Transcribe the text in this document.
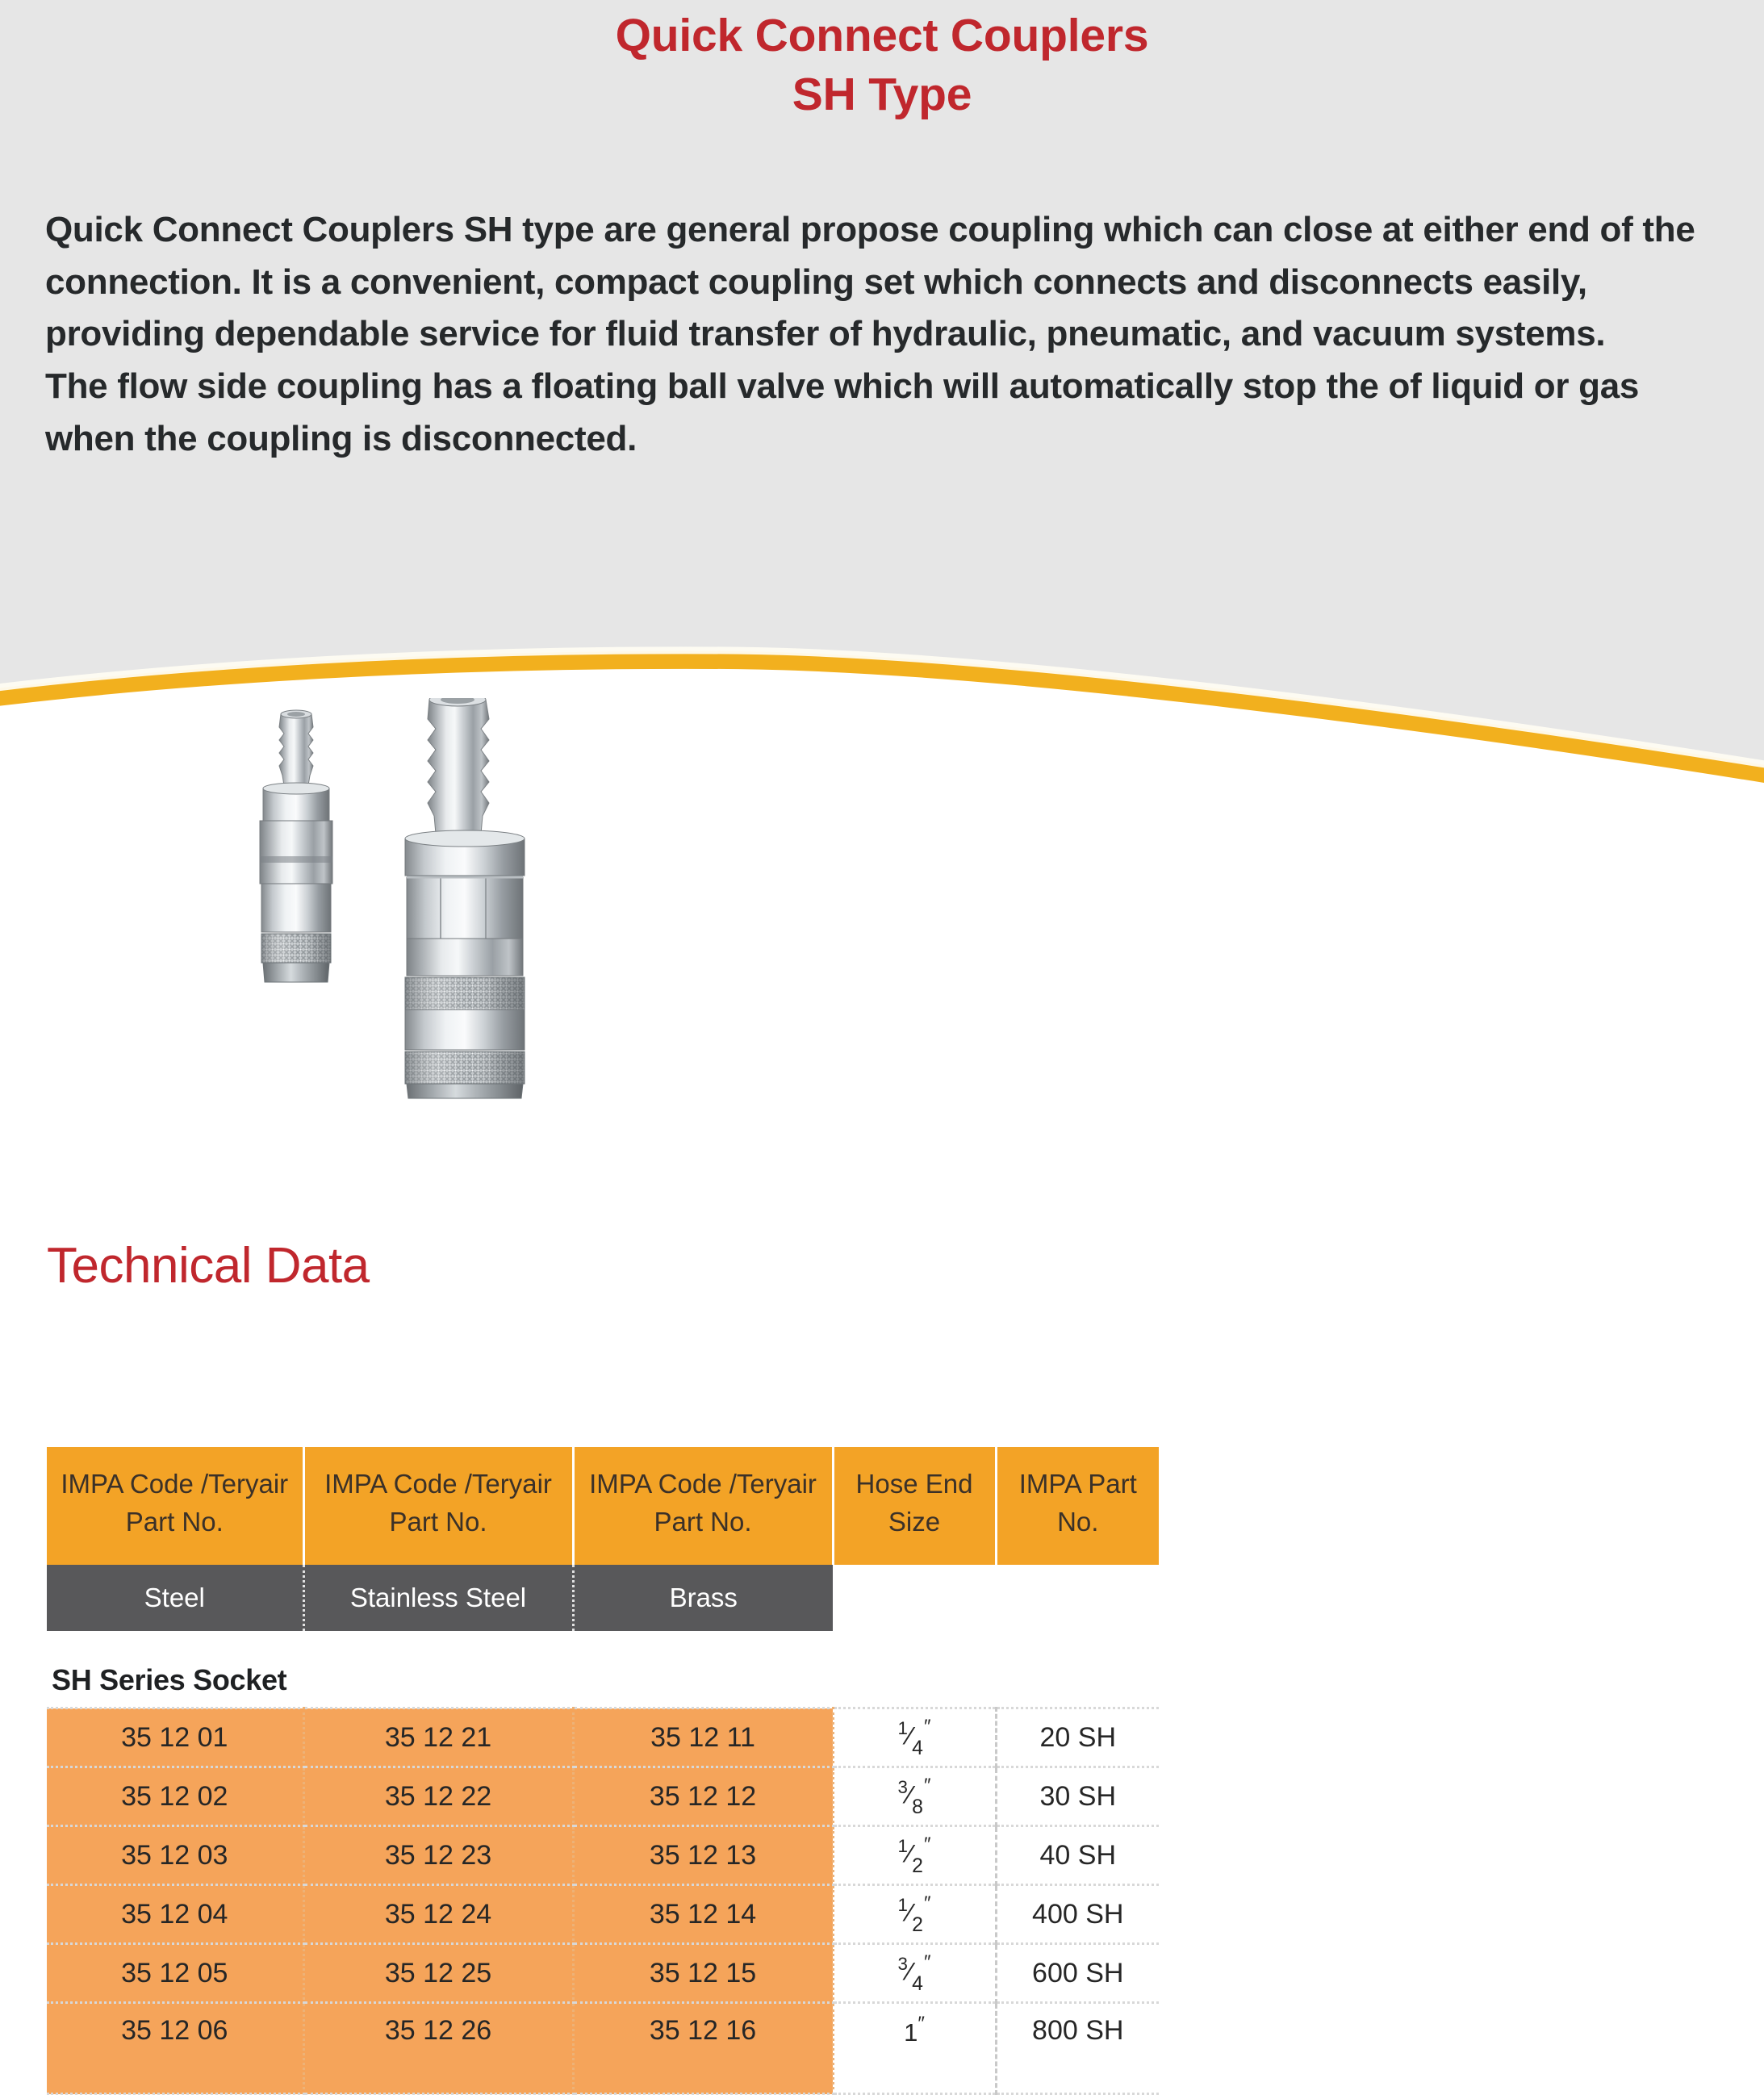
Quick Connect Couplers
SH Type

Quick Connect Couplers SH type are general propose coupling which can close at either end of the connection. It is a convenient, compact coupling set which connects and disconnects easily, providing dependable service for fluid transfer of hydraulic, pneumatic, and vacuum systems.

The flow side coupling has a floating ball valve which will automatically stop the of liquid or gas when the coupling is disconnected.

Technical Data
IMPA Code /Teryair Part No.	IMPA Code /Teryair Part No.	IMPA Code /Teryair Part No.	Hose End Size	IMPA Part No.
Steel	Stainless Steel	Brass		
SH Series Socket				
35 12 01	35 12 21	35 12 11	$^1⁄_4''$	20 SH
35 12 02	35 12 22	35 12 12	$^3⁄_8''$	30 SH
35 12 03	35 12 23	35 12 13	$^1⁄_2''$	40 SH
35 12 04	35 12 24	35 12 14	$^1⁄_2''$	400 SH
35 12 05	35 12 25	35 12 15	$^3⁄_4''$	600 SH
35 12 06	35 12 26	35 12 16	1″	800 SH
